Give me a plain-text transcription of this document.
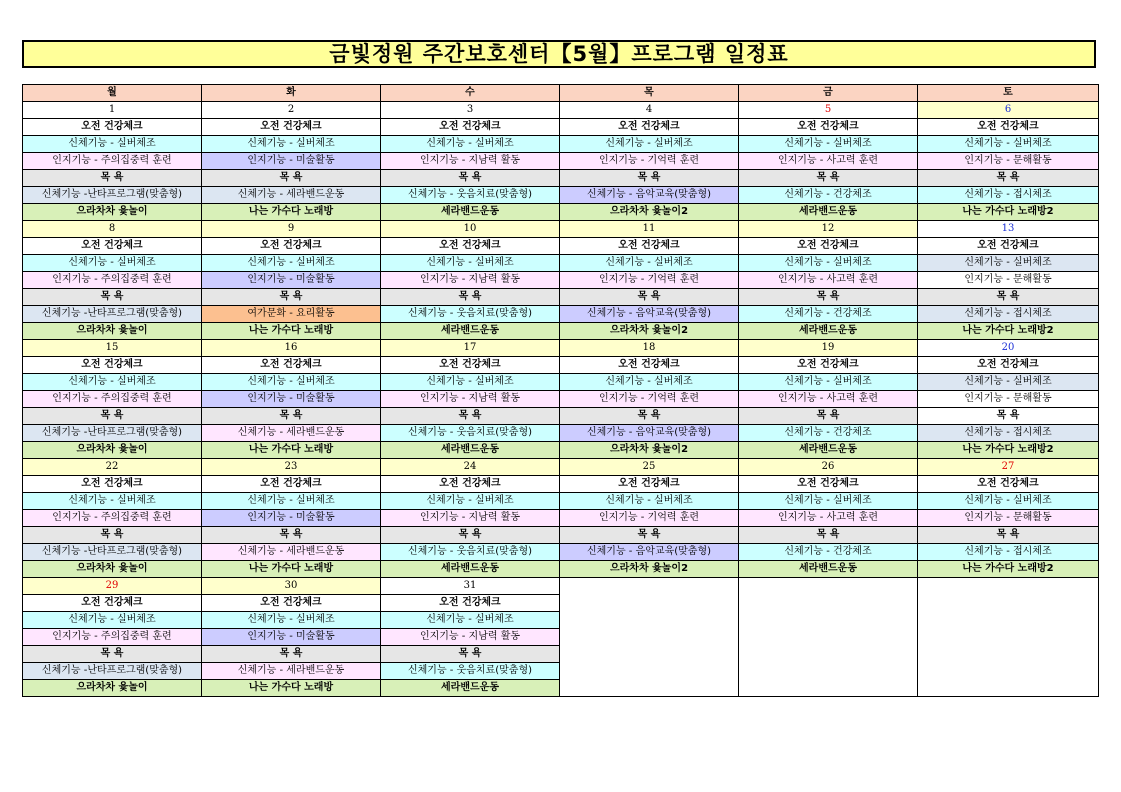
금빛정원 주간보호센터【5월】프로그램 일정표
월	화	수	목	금	토
1	2	3	4	5	6
오전 건강체크	오전 건강체크	오전 건강체크	오전 건강체크	오전 건강체크	오전 건강체크
신체기능 - 실버체조	신체기능 - 실버체조	신체기능 - 실버체조	신체기능 - 실버체조	신체기능 - 실버체조	신체기능 - 실버체조
인지기능 - 주의집중력 훈련	인지기능 - 미술활동	인지기능 - 지남력 활동	인지기능 - 기억력 훈련	인지기능 - 사고력 훈련	인지기능 - 문해활동
목 욕	목 욕	목 욕	목 욕	목 욕	목 욕
신체기능 -난타프로그램(맞춤형)	신체기능 - 세라밴드운동	신체기능 - 웃음치료(맞춤형)	신체기능 - 음악교육(맞춤형)	신체기능 - 건강체조	신체기능 - 접시체조
으라차차 윷놀이	나는 가수다 노래방	세라밴드운동	으라차차 윷놀이2	세라밴드운동	나는 가수다 노래방2
8	9	10	11	12	13
오전 건강체크	오전 건강체크	오전 건강체크	오전 건강체크	오전 건강체크	오전 건강체크
신체기능 - 실버체조	신체기능 - 실버체조	신체기능 - 실버체조	신체기능 - 실버체조	신체기능 - 실버체조	신체기능 - 실버체조
인지기능 - 주의집중력 훈련	인지기능 - 미술활동	인지기능 - 지남력 활동	인지기능 - 기억력 훈련	인지기능 - 사고력 훈련	인지기능 - 문해활동
목 욕	목 욕	목 욕	목 욕	목 욕	목 욕
신체기능 -난타프로그램(맞춤형)	여가문화 - 요리활동	신체기능 - 웃음치료(맞춤형)	신체기능 - 음악교육(맞춤형)	신체기능 - 건강체조	신체기능 - 접시체조
으라차차 윷놀이	나는 가수다 노래방	세라밴드운동	으라차차 윷놀이2	세라밴드운동	나는 가수다 노래방2
15	16	17	18	19	20
오전 건강체크	오전 건강체크	오전 건강체크	오전 건강체크	오전 건강체크	오전 건강체크
신체기능 - 실버체조	신체기능 - 실버체조	신체기능 - 실버체조	신체기능 - 실버체조	신체기능 - 실버체조	신체기능 - 실버체조
인지기능 - 주의집중력 훈련	인지기능 - 미술활동	인지기능 - 지남력 활동	인지기능 - 기억력 훈련	인지기능 - 사고력 훈련	인지기능 - 문해활동
목 욕	목 욕	목 욕	목 욕	목 욕	목 욕
신체기능 -난타프로그램(맞춤형)	신체기능 - 세라밴드운동	신체기능 - 웃음치료(맞춤형)	신체기능 - 음악교육(맞춤형)	신체기능 - 건강체조	신체기능 - 접시체조
으라차차 윷놀이	나는 가수다 노래방	세라밴드운동	으라차차 윷놀이2	세라밴드운동	나는 가수다 노래방2
22	23	24	25	26	27
오전 건강체크	오전 건강체크	오전 건강체크	오전 건강체크	오전 건강체크	오전 건강체크
신체기능 - 실버체조	신체기능 - 실버체조	신체기능 - 실버체조	신체기능 - 실버체조	신체기능 - 실버체조	신체기능 - 실버체조
인지기능 - 주의집중력 훈련	인지기능 - 미술활동	인지기능 - 지남력 활동	인지기능 - 기억력 훈련	인지기능 - 사고력 훈련	인지기능 - 문해활동
목 욕	목 욕	목 욕	목 욕	목 욕	목 욕
신체기능 -난타프로그램(맞춤형)	신체기능 - 세라밴드운동	신체기능 - 웃음치료(맞춤형)	신체기능 - 음악교육(맞춤형)	신체기능 - 건강체조	신체기능 - 접시체조
으라차차 윷놀이	나는 가수다 노래방	세라밴드운동	으라차차 윷놀이2	세라밴드운동	나는 가수다 노래방2
29	30	31			
오전 건강체크	오전 건강체크	오전 건강체크			
신체기능 - 실버체조	신체기능 - 실버체조	신체기능 - 실버체조			
인지기능 - 주의집중력 훈련	인지기능 - 미술활동	인지기능 - 지남력 활동			
목 욕	목 욕	목 욕			
신체기능 -난타프로그램(맞춤형)	신체기능 - 세라밴드운동	신체기능 - 웃음치료(맞춤형)			
으라차차 윷놀이	나는 가수다 노래방	세라밴드운동			
